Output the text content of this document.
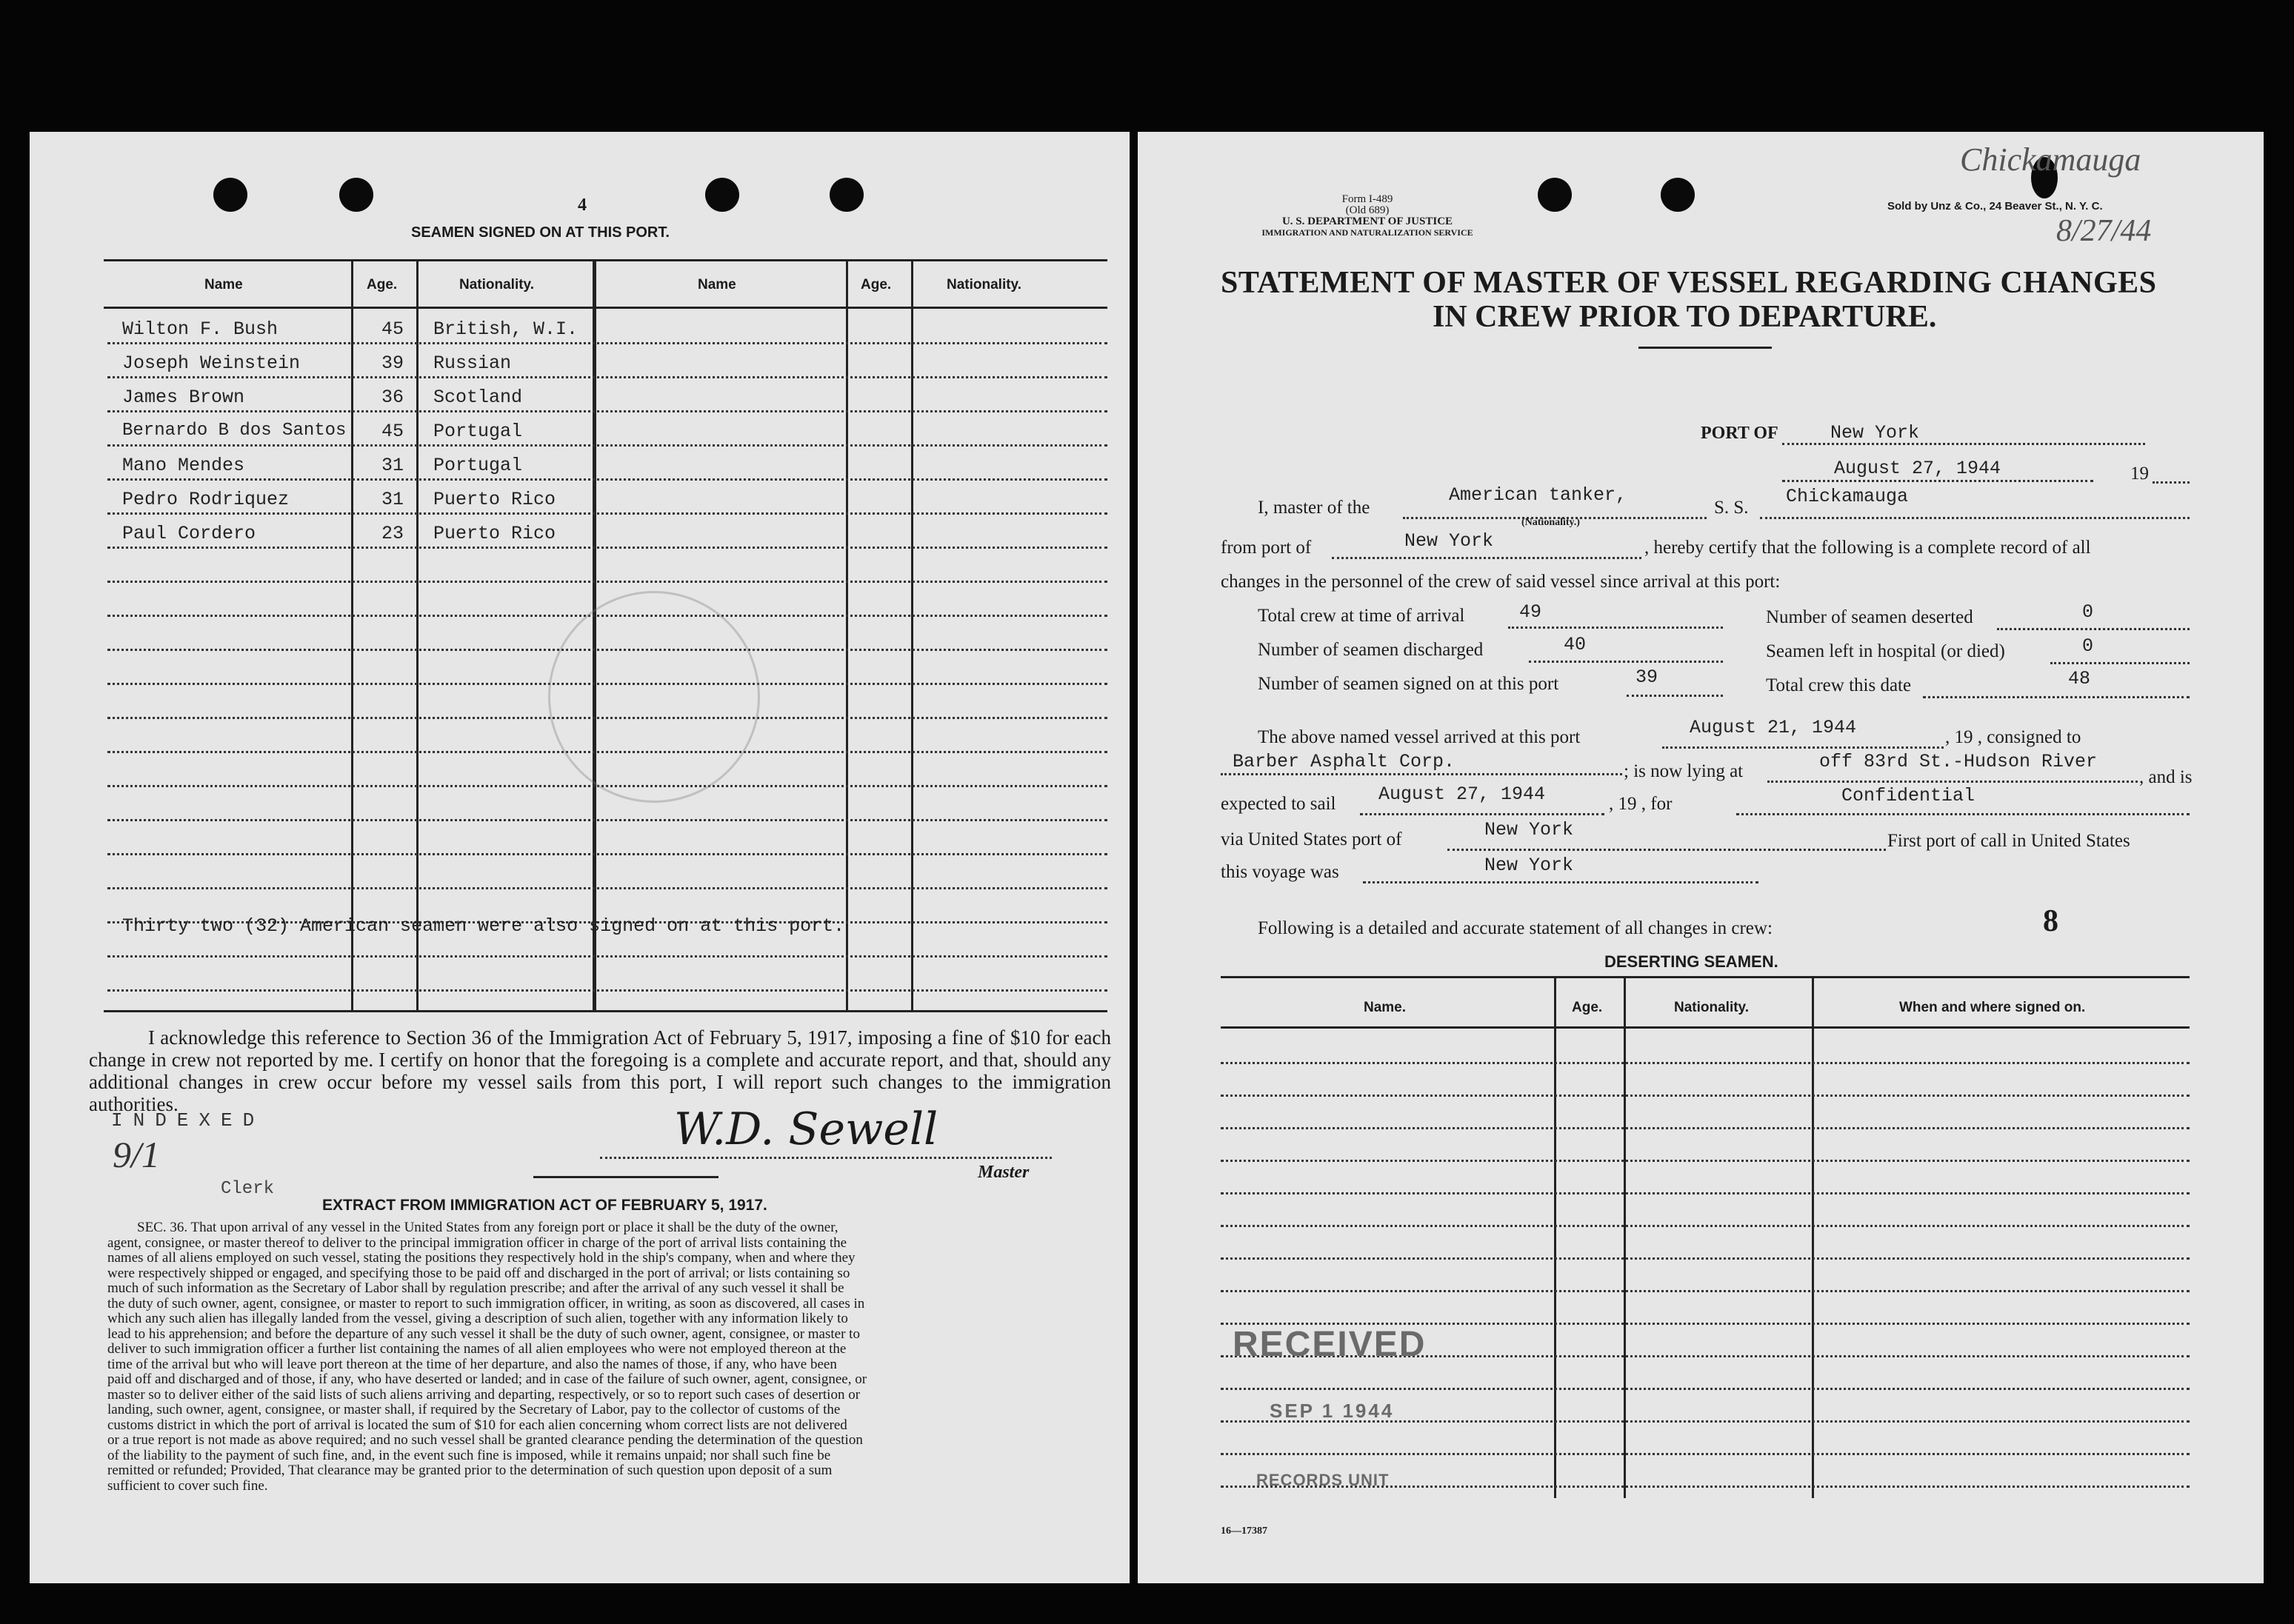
4
SEAMEN SIGNED ON AT THIS PORT.
Name	Age.	Nationality.	Name	Age.	Nationality.
Wilton F. Bush	45 British, W.I.
Joseph Weinstein	39 Russian
James Brown	36 Scotland
Bernardo B dos Santos 45 Portugal
Mano Mendes	31 Portugal
Pedro Rodriquez	31 Puerto Rico
Paul Cordero	23 Puerto Rico
Thirty two (32) American seamen were also signed on at this port.
I acknowledge this reference to Section 36 of the Immigration Act of February 5, 1917, imposing a fine of $10 for each change in crew not reported by me. I certify on honor that the foregoing is a complete and accurate report, and that, should any additional changes in crew occur before my vessel sails from this port, I will report such changes to the immigration authorities.
INDEXED
9/1
Clerk
W.D. Sewell
Master
EXTRACT FROM IMMIGRATION ACT OF FEBRUARY 5, 1917.
SEC. 36. That upon arrival of any vessel in the United States from any foreign port or place it shall be the duty of the owner,
agent, consignee, or master thereof to deliver to the principal immigration officer in charge of the port of arrival lists containing the
names of all aliens employed on such vessel, stating the positions they respectively hold in the ship's company, when and where they
were respectively shipped or engaged, and specifying those to be paid off and discharged in the port of arrival; or lists containing so
much of such information as the Secretary of Labor shall by regulation prescribe; and after the arrival of any such vessel it shall be
the duty of such owner, agent, consignee, or master to report to such immigration officer, in writing, as soon as discovered, all cases in
which any such alien has illegally landed from the vessel, giving a description of such alien, together with any information likely to
lead to his apprehension; and before the departure of any such vessel it shall be the duty of such owner, agent, consignee, or master to
deliver to such immigration officer a further list containing the names of all alien employees who were not employed thereon at the
time of the arrival but who will leave port thereon at the time of her departure, and also the names of those, if any, who have been
paid off and discharged and of those, if any, who have deserted or landed; and in case of the failure of such owner, agent, consignee, or
master so to deliver either of the said lists of such aliens arriving and departing, respectively, or so to report such cases of desertion or
landing, such owner, agent, consignee, or master shall, if required by the Secretary of Labor, pay to the collector of customs of the
customs district in which the port of arrival is located the sum of $10 for each alien concerning whom correct lists are not delivered
or a true report is not made as above required; and no such vessel shall be granted clearance pending the determination of the question
of the liability to the payment of such fine, and, in the event such fine is imposed, while it remains unpaid; nor shall such fine be
remitted or refunded; Provided, That clearance may be granted prior to the determination of such question upon deposit of a sum
sufficient to cover such fine.
Form I-489
(Old 689)
U. S. DEPARTMENT OF JUSTICE
IMMIGRATION AND NATURALIZATION SERVICE
Sold by Unz & Co., 24 Beaver St., N. Y. C.
Chickamauga
8/27/44
STATEMENT OF MASTER OF VESSEL REGARDING CHANGES
IN CREW PRIOR TO DEPARTURE.
PORT OF	New York
August 27, 1944	19
I, master of the
American tanker,
(Nationality.)
S. S.
Chickamauga
from port of	New York	, hereby certify that the following is a complete record of all
changes in the personnel of the crew of said vessel since arrival at this port:
Total crew at time of arrival	49	Number of seamen deserted	0
Number of seamen discharged	40	Seamen left in hospital (or died)	0
Number of seamen signed on at this port	39	Total crew this date	48
The above named vessel arrived at this port	August 21, 1944	, 19 , consigned to
Barber Asphalt Corp.	; is now lying at	off 83rd St.-Hudson River
, and is
expected to sail August 27, 1944	, 19 , for	Confidential
via United States port of	New York
First port of call in United States
this voyage was	New York
Following is a detailed and accurate statement of all changes in crew:	8
DESERTING SEAMEN.
Name.	Age.	Nationality.	When and where signed on.
RECEIVED
SEP 1 1944
RECORDS UNIT
16—17387
